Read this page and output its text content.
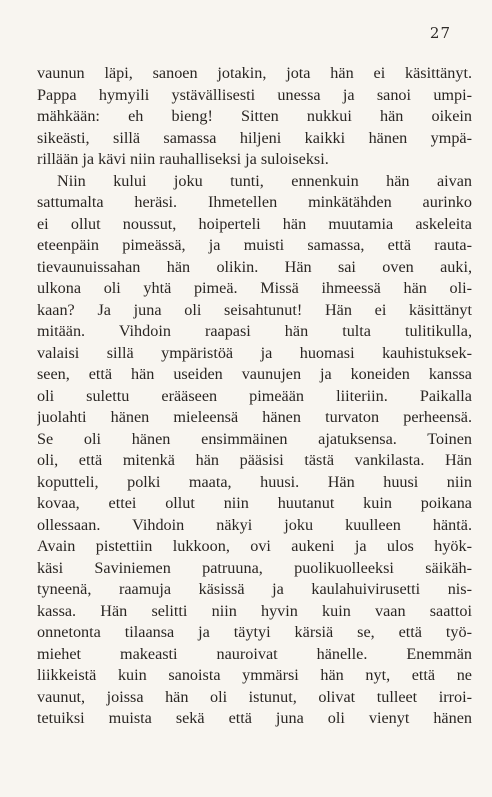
27
vaunun läpi, sanoen jotakin, jota hän ei käsittänyt.
Pappa hymyili ystävällisesti unessa ja sanoi umpi-
mähkään: eh bieng! Sitten nukkui hän oikein
sikeästi, sillä samassa hiljeni kaikki hänen ympä-
rillään ja kävi niin rauhalliseksi ja suloiseksi.
Niin kului joku tunti, ennenkuin hän aivan
sattumalta heräsi. Ihmetellen minkätähden aurinko
ei ollut noussut, hoiperteli hän muutamia askeleita
eteenpäin pimeässä, ja muisti samassa, että rauta-
tievaunuissahan hän olikin. Hän sai oven auki,
ulkona oli yhtä pimeä. Missä ihmeessä hän oli-
kaan? Ja juna oli seisahtunut! Hän ei käsittänyt
mitään. Vihdoin raapasi hän tulta tulitikulla,
valaisi sillä ympäristöä ja huomasi kauhistuksek-
seen, että hän useiden vaunujen ja koneiden kanssa
oli sulettu erääseen pimeään liiteriin. Paikalla
juolahti hänen mieleensä hänen turvaton perheensä.
Se oli hänen ensimmäinen ajatuksensa. Toinen
oli, että mitenkä hän pääsisi tästä vankilasta. Hän
koputteli, polki maata, huusi. Hän huusi niin
kovaa, ettei ollut niin huutanut kuin poikana
ollessaan. Vihdoin näkyi joku kuulleen häntä.
Avain pistettiin lukkoon, ovi aukeni ja ulos hyök-
käsi Saviniemen patruuna, puolikuolleeksi säikäh-
tyneenä, raamuja käsissä ja kaulahuivirusetti nis-
kassa. Hän selitti niin hyvin kuin vaan saattoi
onnetonta tilaansa ja täytyi kärsiä se, että työ-
miehet makeasti nauroivat hänelle. Enemmän
liikkeistä kuin sanoista ymmärsi hän nyt, että ne
vaunut, joissa hän oli istunut, olivat tulleet irroi-
tetuiksi muista sekä että juna oli vienyt hänen
